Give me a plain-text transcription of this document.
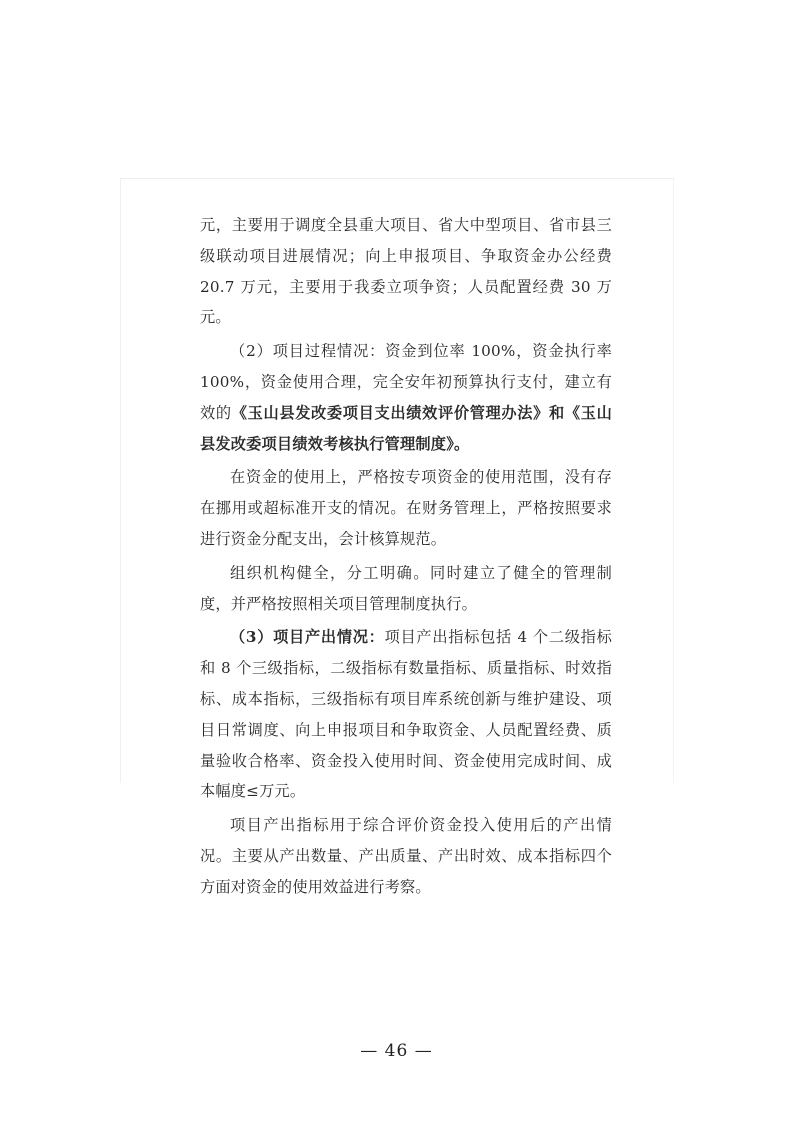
元，主要用于调度全县重大项目、省大中型项目、省市县三级联动项目进展情况；向上申报项目、争取资金办公经费 20.7 万元，主要用于我委立项争资；人员配置经费 30 万元。

（2）项目过程情况：资金到位率 100%，资金执行率 100%，资金使用合理，完全安年初预算执行支付，建立有效的《玉山县发改委项目支出绩效评价管理办法》和《玉山县发改委项目绩效考核执行管理制度》。

在资金的使用上，严格按专项资金的使用范围，没有存在挪用或超标准开支的情况。在财务管理上，严格按照要求进行资金分配支出，会计核算规范。

组织机构健全，分工明确。同时建立了健全的管理制度，并严格按照相关项目管理制度执行。

（3）项目产出情况：项目产出指标包括 4 个二级指标和 8 个三级指标，二级指标有数量指标、质量指标、时效指标、成本指标，三级指标有项目库系统创新与维护建设、项目日常调度、向上申报项目和争取资金、人员配置经费、质量验收合格率、资金投入使用时间、资金使用完成时间、成本幅度≤万元。

项目产出指标用于综合评价资金投入使用后的产出情况。主要从产出数量、产出质量、产出时效、成本指标四个方面对资金的使用效益进行考察。

— 46 —
